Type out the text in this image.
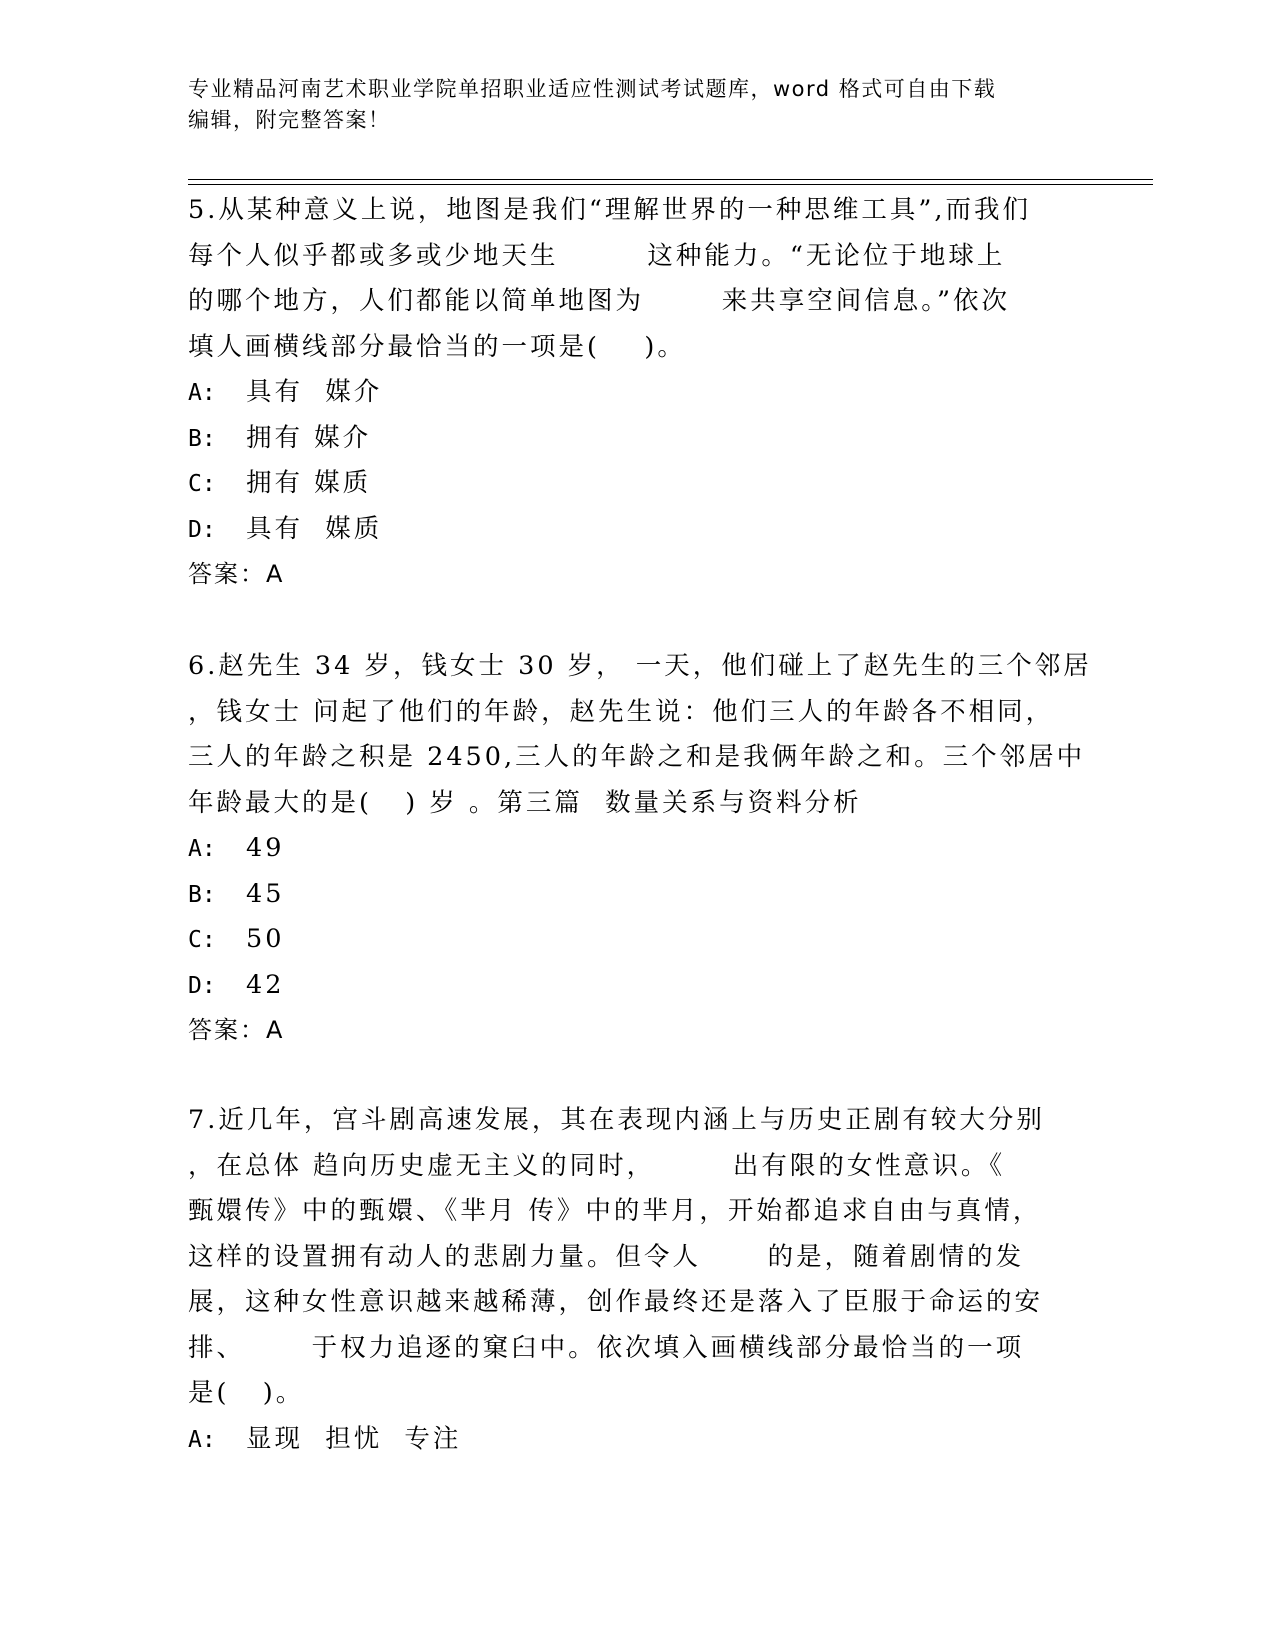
专业精品河南艺术职业学院单招职业适应性测试考试题库，word 格式可自由下载
编辑，附完整答案！
5.从某种意义上说，地图是我们“理解世界的一种思维工具”,而我们
每个人似乎都或多或少地天生        这种能力。“无论位于地球上
的哪个地方，人们都能以简单地图为       来共享空间信息。”依次
填人画横线部分最恰当的一项是(    )。
A: 具有  媒介
B: 拥有 媒介
C: 拥有 媒质
D: 具有  媒质
答案：A
6.赵先生 34 岁，钱女士 30 岁， 一天，他们碰上了赵先生的三个邻居
，钱女士 问起了他们的年龄，赵先生说：他们三人的年龄各不相同，
三人的年龄之积是 2450,三人的年龄之和是我俩年龄之和。三个邻居中
年龄最大的是(   ) 岁 。第三篇  数量关系与资料分析
A: 49
B: 45
C: 50
D: 42
答案：A
7.近几年，宫斗剧高速发展，其在表现内涵上与历史正剧有较大分别
，在总体 趋向历史虚无主义的同时，       出有限的女性意识。《
甄嬛传》中的甄嬛、《芈月 传》中的芈月，开始都追求自由与真情，
这样的设置拥有动人的悲剧力量。但令人      的是，随着剧情的发
展，这种女性意识越来越稀薄，创作最终还是落入了臣服于命运的安
排、      于权力追逐的窠臼中。依次填入画横线部分最恰当的一项
是(   )。
A: 显现  担忧  专注
